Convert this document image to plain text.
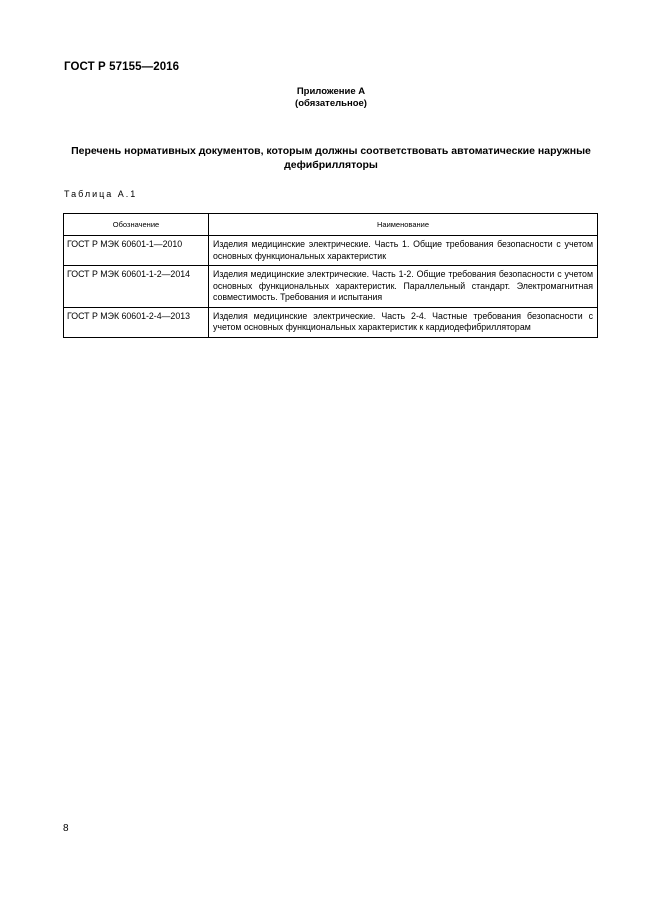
ГОСТ Р 57155—2016
Приложение А
(обязательное)
Перечень нормативных документов, которым должны соответствовать автоматические наружные дефибрилляторы
Таблица А.1
Обозначение	Наименование
ГОСТ Р МЭК 60601-1—2010	Изделия медицинские электрические. Часть 1. Общие требования безопасности с учетом основных функциональных характеристик
ГОСТ Р МЭК 60601-1-2—2014	Изделия медицинские электрические. Часть 1-2. Общие требования безопасности с учетом основных функциональных характеристик. Параллельный стандарт. Электромагнитная совместимость. Требования и испытания
ГОСТ Р МЭК 60601-2-4—2013	Изделия медицинские электрические. Часть 2-4. Частные требования безопасности с учетом основных функциональных характеристик к кардиодефибрилляторам
8
